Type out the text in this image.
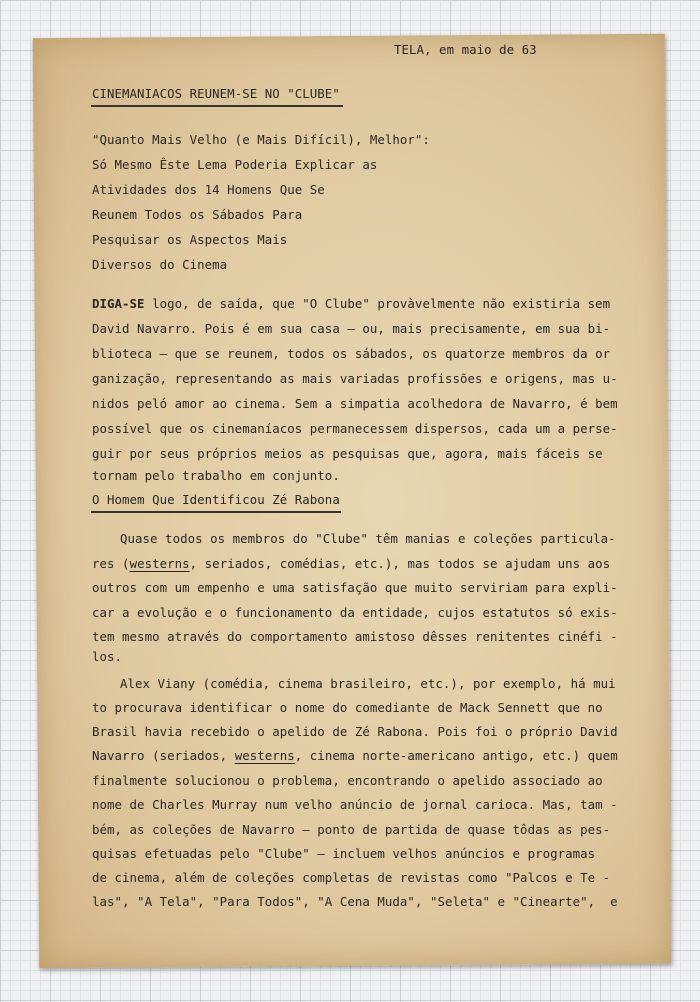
TELA, em maio de 63
CINEMANIACOS REUNEM-SE NO "CLUBE"
"Quanto Mais Velho (e Mais Difícil), Melhor":
Só Mesmo Êste Lema Poderia Explicar as
Atividades dos 14 Homens Que Se
Reunem Todos os Sábados Para
Pesquisar os Aspectos Mais
Diversos do Cinema
DIGA-SE logo, de saída, que "O Clube" provàvelmente não existiria sem
David Navarro. Pois é em sua casa — ou, mais precisamente, em sua bi-
blioteca — que se reunem, todos os sábados, os quatorze membros da or
ganização, representando as mais variadas profissões e origens, mas u-
nidos peló amor ao cinema. Sem a simpatia acolhedora de Navarro, é bem
possível que os cinemaníacos permanecessem dispersos, cada um a perse-
guir por seus próprios meios as pesquisas que, agora, mais fáceis se
tornam pelo trabalho em conjunto.
O Homem Que Identificou Zé Rabona
Quase todos os membros do "Clube" têm manias e coleções particula-
res (westerns, seriados, comédias, etc.), mas todos se ajudam uns aos
outros com um empenho e uma satisfação que muito serviriam para expli-
car a evolução e o funcionamento da entidade, cujos estatutos só exis-
tem mesmo através do comportamento amistoso dêsses renitentes cinéfi -
los.
Alex Viany (comédia, cinema brasileiro, etc.), por exemplo, há mui
to procurava identificar o nome do comediante de Mack Sennett que no
Brasil havia recebido o apelido de Zé Rabona. Pois foi o próprio David
Navarro (seriados, westerns, cinema norte-americano antigo, etc.) quem
finalmente solucionou o problema, encontrando o apelido associado ao
nome de Charles Murray num velho anúncio de jornal carioca. Mas, tam -
bém, as coleções de Navarro — ponto de partida de quase tôdas as pes-
quisas efetuadas pelo "Clube" — incluem velhos anúncios e programas
de cinema, além de coleções completas de revistas como "Palcos e Te -
las", "A Tela", "Para Todos", "A Cena Muda", "Seleta" e "Cinearte",  e
